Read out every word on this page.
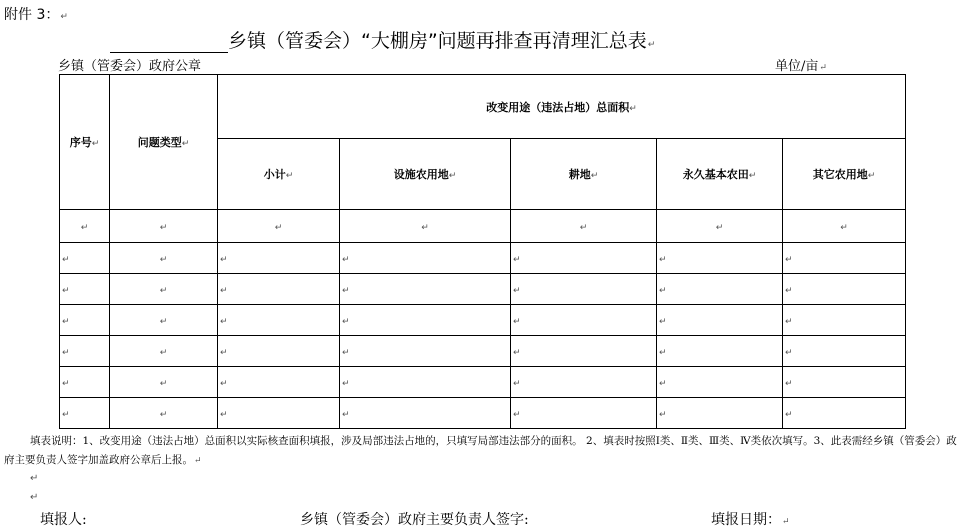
附件 3：↵
乡镇（管委会）“大棚房”问题再排查再清理汇总表↵
乡镇（管委会）政府公章	单位/亩↵
序号↵	问题类型↵	改变用途（违法占地）总面积↵				
		小计↵	设施农用地↵	耕地↵	永久基本农田↵	其它农用地↵
↵	↵	↵	↵	↵	↵	↵
↵	↵	↵	↵	↵	↵	↵
↵	↵	↵	↵	↵	↵	↵
↵	↵	↵	↵	↵	↵	↵
↵	↵	↵	↵	↵	↵	↵
↵	↵	↵	↵	↵	↵	↵
↵	↵	↵	↵	↵	↵	↵
填表说明：1、改变用途（违法占地）总面积以实际核查面积填报，涉及局部违法占地的，只填写局部违法部分的面积。 2、填表时按照Ⅰ类、Ⅱ类、Ⅲ类、Ⅳ类依次填写。3、此表需经乡镇（管委会）政府主要负责人签字加盖政府公章后上报。↵
↵
↵
填报人:	乡镇（管委会）政府主要负责人签字:	填报日期：↵
